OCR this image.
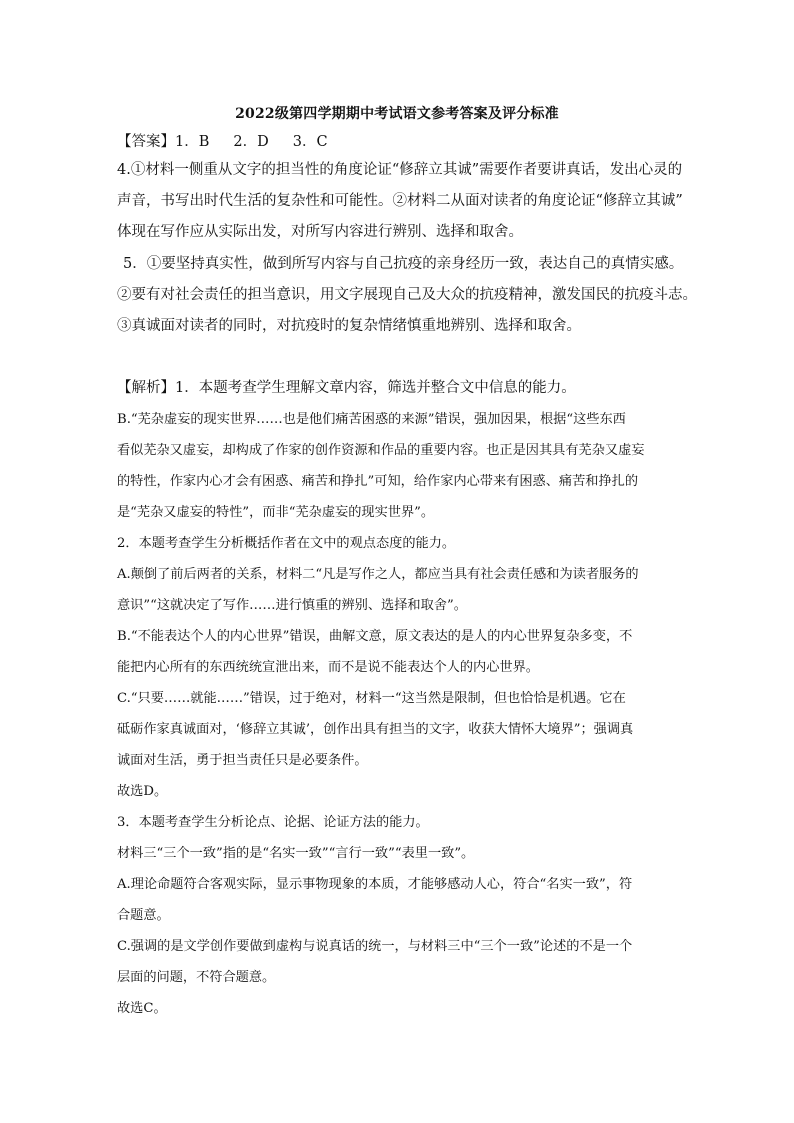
2022级第四学期期中考试语文参考答案及评分标准
【答案】1．B 2．D 3．C
4.①材料一侧重从文字的担当性的角度论证“修辞立其诚”需要作者要讲真话，发出心灵的
声音，书写出时代生活的复杂性和可能性。②材料二从面对读者的角度论证“修辞立其诚”
体现在写作应从实际出发，对所写内容进行辨别、选择和取舍。
5．①要坚持真实性，做到所写内容与自己抗疫的亲身经历一致，表达自己的真情实感。
②要有对社会责任的担当意识，用文字展现自己及大众的抗疫精神，激发国民的抗疫斗志。
③真诚面对读者的同时，对抗疫时的复杂情绪慎重地辨别、选择和取舍。
【解析】1．本题考查学生理解文章内容，筛选并整合文中信息的能力。
B.“芜杂虚妄的现实世界……也是他们痛苦困惑的来源”错误，强加因果，根据“这些东西
看似芜杂又虚妄，却构成了作家的创作资源和作品的重要内容。也正是因其具有芜杂又虚妄
的特性，作家内心才会有困惑、痛苦和挣扎”可知，给作家内心带来有困惑、痛苦和挣扎的
是“芜杂又虚妄的特性”，而非“芜杂虚妄的现实世界”。
2．本题考查学生分析概括作者在文中的观点态度的能力。
A.颠倒了前后两者的关系，材料二“凡是写作之人，都应当具有社会责任感和为读者服务的
意识”“这就决定了写作……进行慎重的辨别、选择和取舍”。
B.“不能表达个人的内心世界”错误，曲解文意，原文表达的是人的内心世界复杂多变，不
能把内心所有的东西统统宣泄出来，而不是说不能表达个人的内心世界。
C.“只要……就能……”错误，过于绝对，材料一“这当然是限制，但也恰恰是机遇。它在
砥砺作家真诚面对，‘修辞立其诚’，创作出具有担当的文字，收获大情怀大境界”；强调真
诚面对生活，勇于担当责任只是必要条件。
故选D。
3．本题考查学生分析论点、论据、论证方法的能力。
材料三“三个一致”指的是“名实一致”“言行一致”“表里一致”。
A.理论命题符合客观实际，显示事物现象的本质，才能够感动人心，符合“名实一致”，符
合题意。
C.强调的是文学创作要做到虚构与说真话的统一，与材料三中“三个一致”论述的不是一个
层面的问题，不符合题意。
故选C。
